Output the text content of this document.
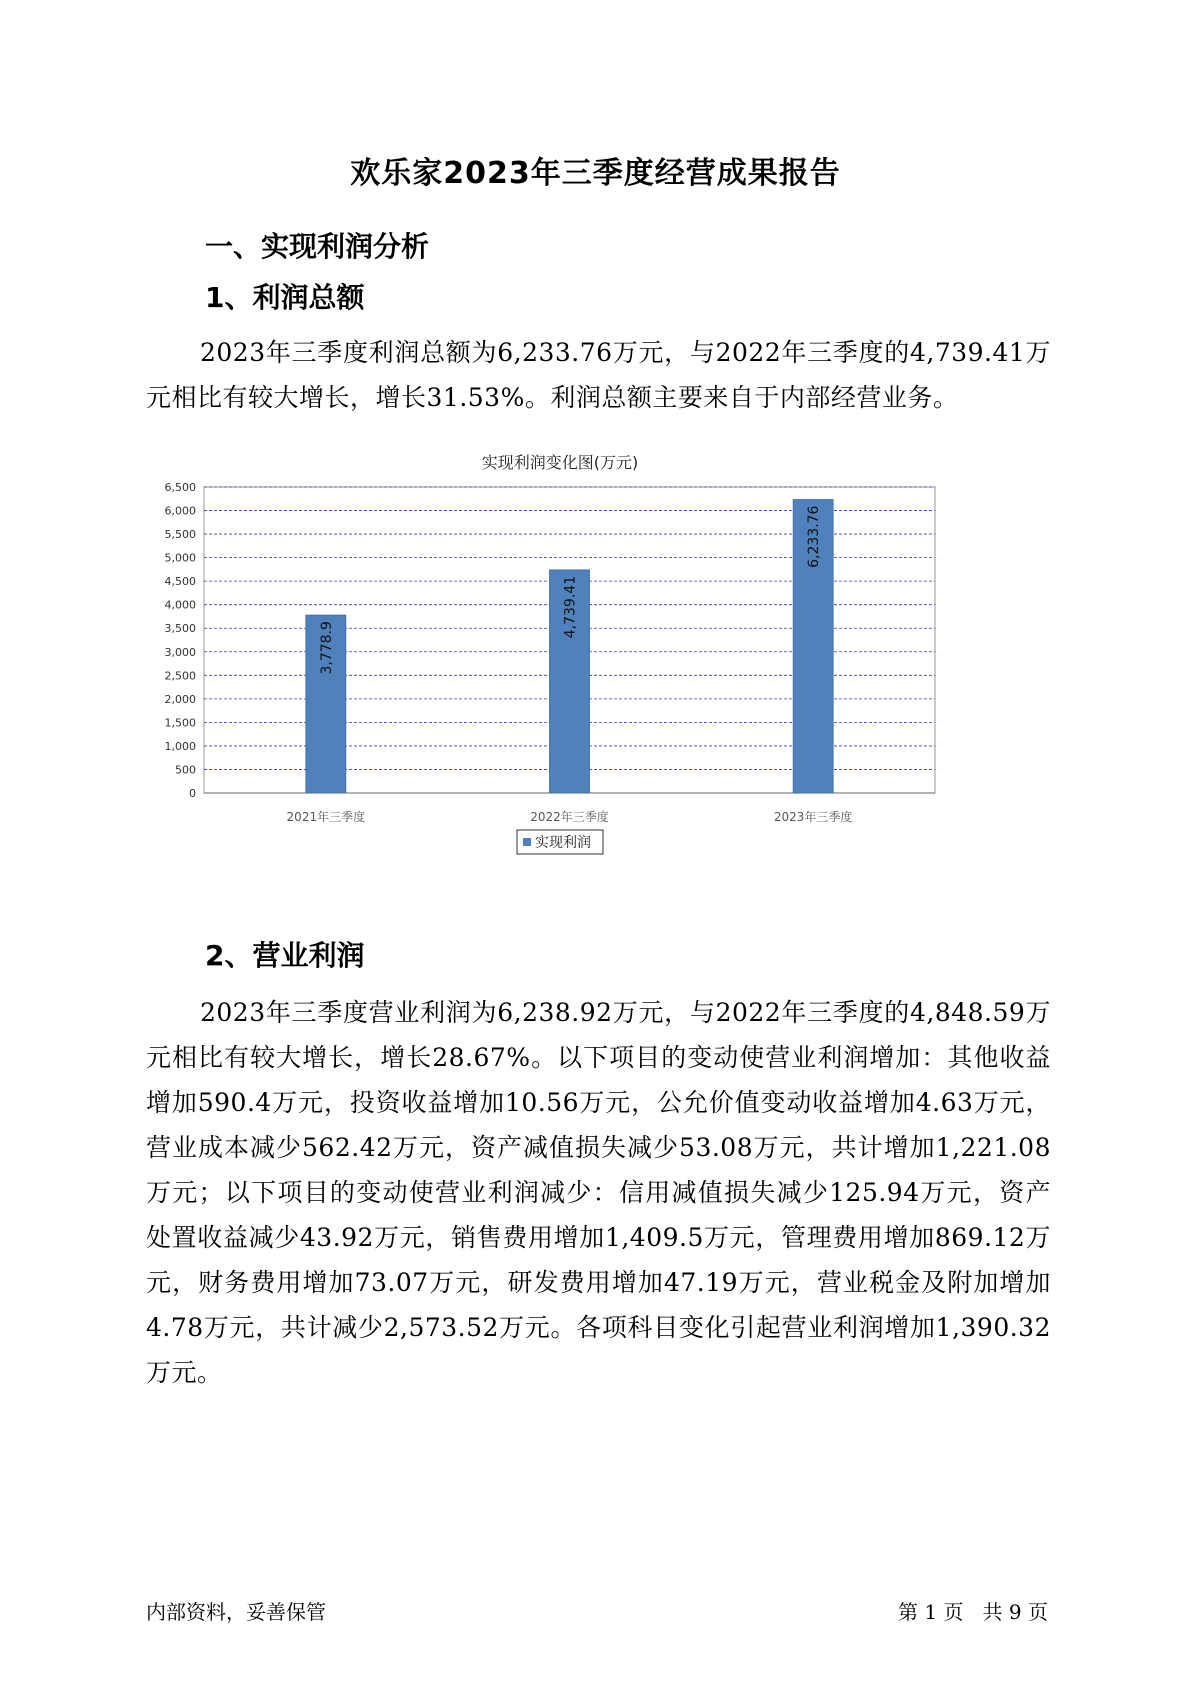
欢乐家2023年三季度经营成果报告
一、实现利润分析
1、利润总额
2023年三季度利润总额为6,233.76万元，与2022年三季度的4,739.41万元相比有较大增长，增长31.53%。利润总额主要来自于内部经营业务。
实现利润变化图(万元)
0
500
1,000
1,500
2,000
2,500
3,000
3,500
4,000
4,500
5,000
5,500
6,000
6,500
3,778.9
2021年三季度
4,739.41
2022年三季度
6,233.76
2023年三季度
实现利润
2、营业利润
2023年三季度营业利润为6,238.92万元，与2022年三季度的4,848.59万元相比有较大增长，增长28.67%。以下项目的变动使营业利润增加：其他收益增加590.4万元，投资收益增加10.56万元，公允价值变动收益增加4.63万元，营业成本减少562.42万元，资产减值损失减少53.08万元，共计增加1,221.08万元；以下项目的变动使营业利润减少：信用减值损失减少125.94万元，资产处置收益减少43.92万元，销售费用增加1,409.5万元，管理费用增加869.12万元，财务费用增加73.07万元，研发费用增加47.19万元，营业税金及附加增加4.78万元，共计减少2,573.52万元。各项科目变化引起营业利润增加1,390.32万元。
内部资料，妥善保管	第 1 页   共 9 页
